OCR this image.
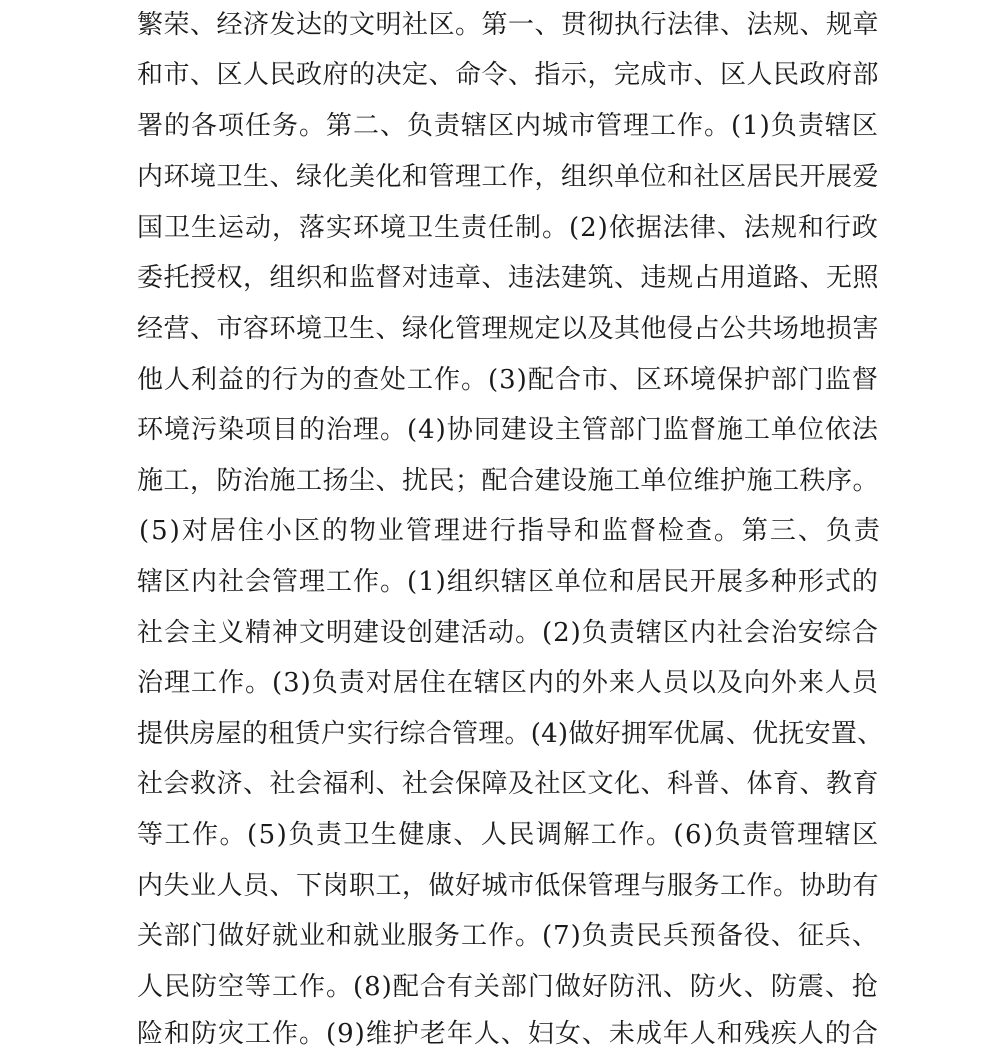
繁荣、经济发达的文明社区。第一、贯彻执行法律、法规、规章
和市、区人民政府的决定、命令、指示，完成市、区人民政府部
署的各项任务。第二、负责辖区内城市管理工作。(1)负责辖区
内环境卫生、绿化美化和管理工作，组织单位和社区居民开展爱
国卫生运动，落实环境卫生责任制。(2)依据法律、法规和行政
委托授权，组织和监督对违章、违法建筑、违规占用道路、无照
经营、市容环境卫生、绿化管理规定以及其他侵占公共场地损害
他人利益的行为的查处工作。(3)配合市、区环境保护部门监督
环境污染项目的治理。(4)协同建设主管部门监督施工单位依法
施工，防治施工扬尘、扰民；配合建设施工单位维护施工秩序。
(5)对居住小区的物业管理进行指导和监督检查。第三、负责
辖区内社会管理工作。(1)组织辖区单位和居民开展多种形式的
社会主义精神文明建设创建活动。(2)负责辖区内社会治安综合
治理工作。(3)负责对居住在辖区内的外来人员以及向外来人员
提供房屋的租赁户实行综合管理。(4)做好拥军优属、优抚安置、
社会救济、社会福利、社会保障及社区文化、科普、体育、教育
等工作。(5)负责卫生健康、人民调解工作。(6)负责管理辖区
内失业人员、下岗职工，做好城市低保管理与服务工作。协助有
关部门做好就业和就业服务工作。(7)负责民兵预备役、征兵、
人民防空等工作。(8)配合有关部门做好防汛、防火、防震、抢
险和防灾工作。(9)维护老年人、妇女、未成年人和残疾人的合
